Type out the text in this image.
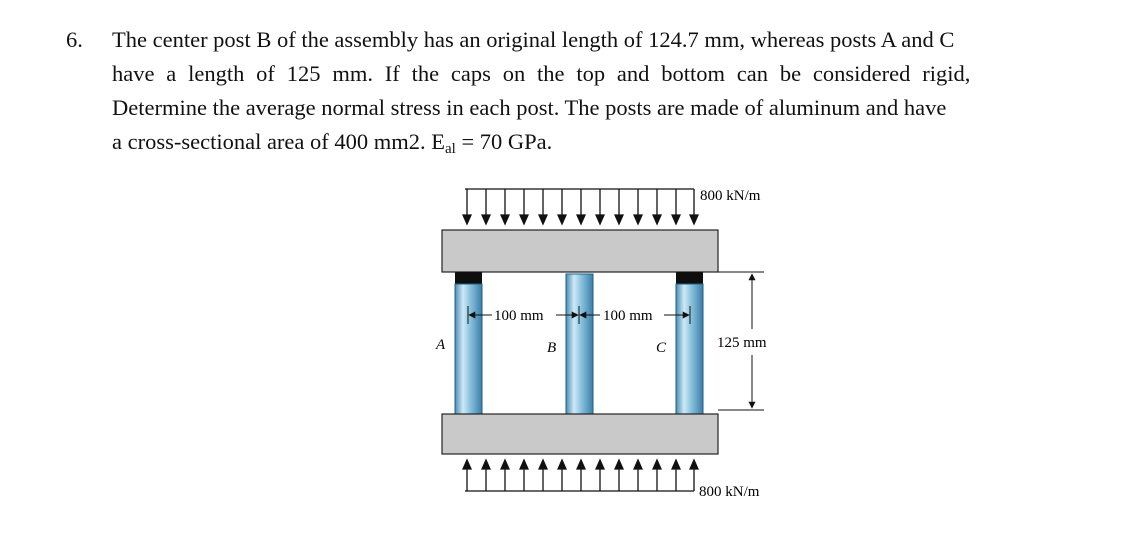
6. The center post B of the assembly has an original length of 124.7 mm, whereas posts A and C
have a length of 125 mm. If the caps on the top and bottom can be considered rigid,
Determine the average normal stress in each post. The posts are made of aluminum and have
a cross-sectional area of 400 mm2. Eal = 70 GPa.
800 kN/m
100 mm	100 mm
A	B	C	125 mm
800 kN/m
